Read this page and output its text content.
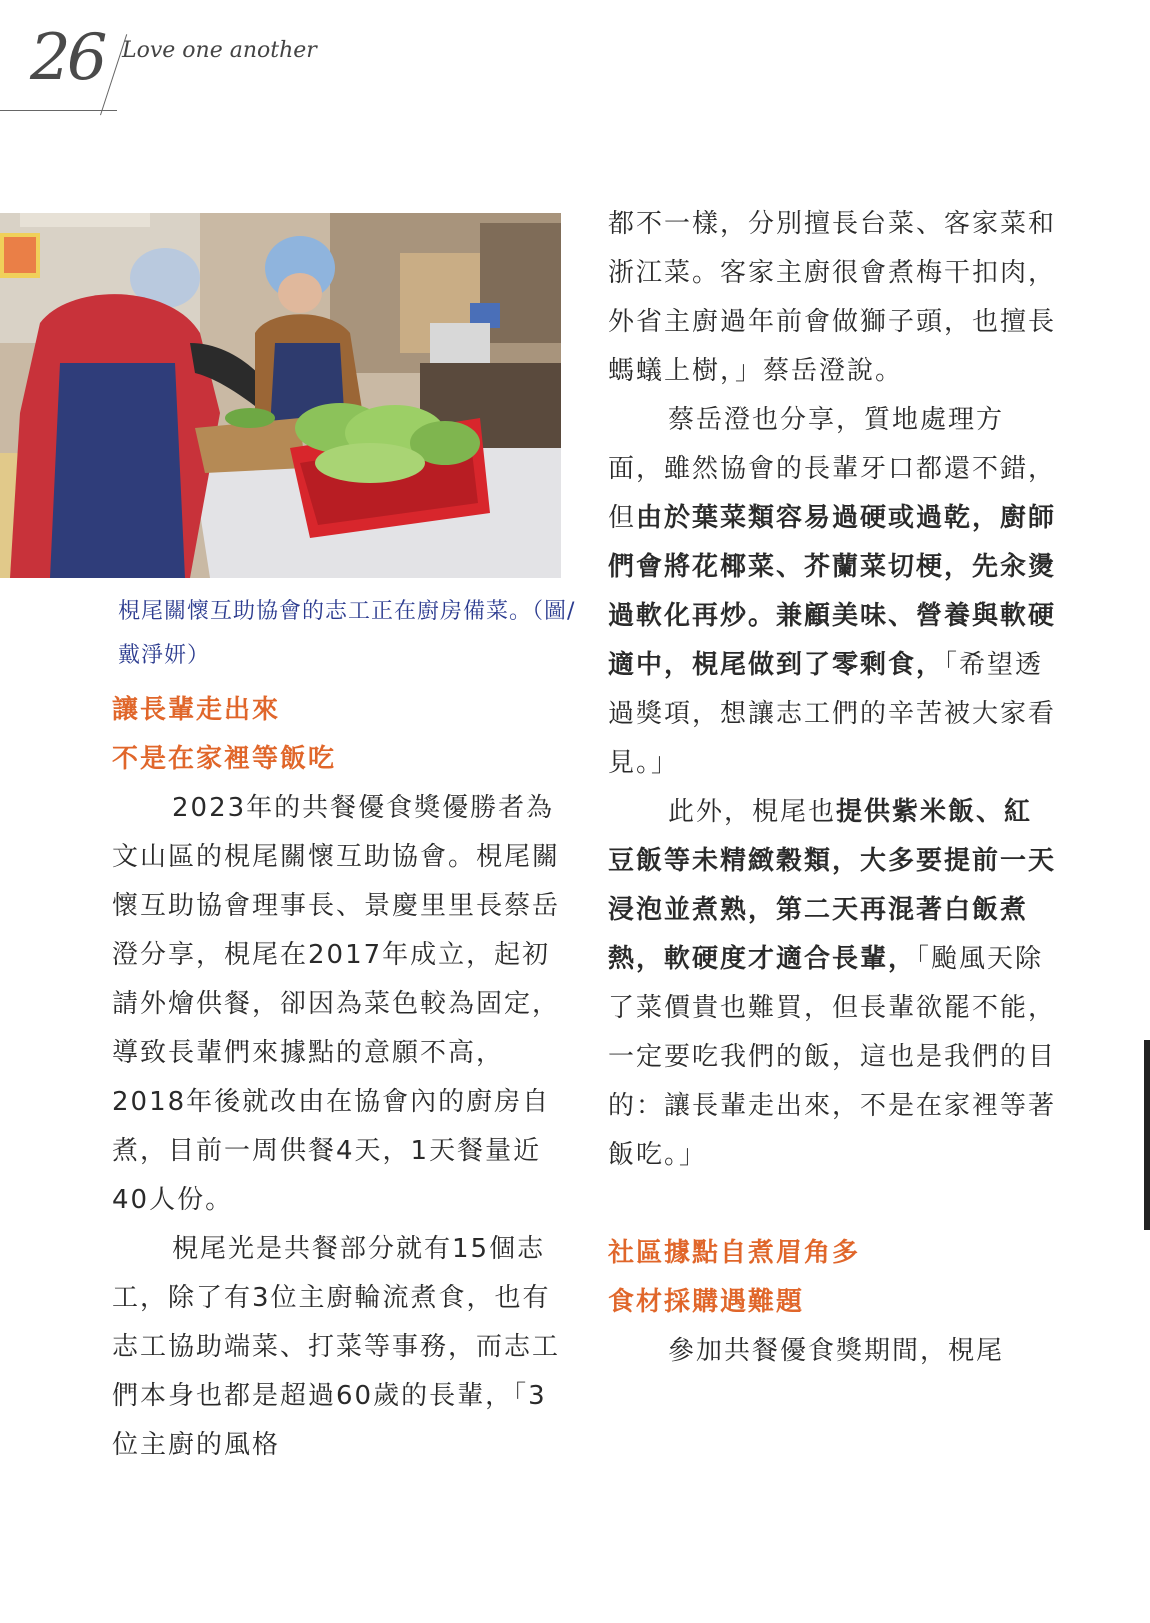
26 Love one another
梘尾關懷互助協會的志工正在廚房備菜。（圖/戴淨妍）
讓長輩走出來
不是在家裡等飯吃

2023年的共餐優食獎優勝者為文山區的梘尾關懷互助協會。梘尾關懷互助協會理事長、景慶里里長蔡岳澄分享，梘尾在2017年成立，起初請外燴供餐，卻因為菜色較為固定，導致長輩們來據點的意願不高，2018年後就改由在協會內的廚房自煮，目前一周供餐4天，1天餐量近40人份。

梘尾光是共餐部分就有15個志工，除了有3位主廚輪流煮食，也有志工協助端菜、打菜等事務，而志工們本身也都是超過60歲的長輩，「3位主廚的風格

都不一樣，分別擅長台菜、客家菜和浙江菜。客家主廚很會煮梅干扣肉，外省主廚過年前會做獅子頭，也擅長螞蟻上樹，」蔡岳澄說。

蔡岳澄也分享，質地處理方面，雖然協會的長輩牙口都還不錯，但由於葉菜類容易過硬或過乾，廚師們會將花椰菜、芥蘭菜切梗，先汆燙過軟化再炒。兼顧美味、營養與軟硬適中，梘尾做到了零剩食，「希望透過獎項，想讓志工們的辛苦被大家看見。」

此外，梘尾也提供紫米飯、紅豆飯等未精緻穀類，大多要提前一天浸泡並煮熟，第二天再混著白飯煮熱，軟硬度才適合長輩，「颱風天除了菜價貴也難買，但長輩欲罷不能，一定要吃我們的飯，這也是我們的目的：讓長輩走出來，不是在家裡等著飯吃。」

社區據點自煮眉角多
食材採購遇難題

參加共餐優食獎期間，梘尾
